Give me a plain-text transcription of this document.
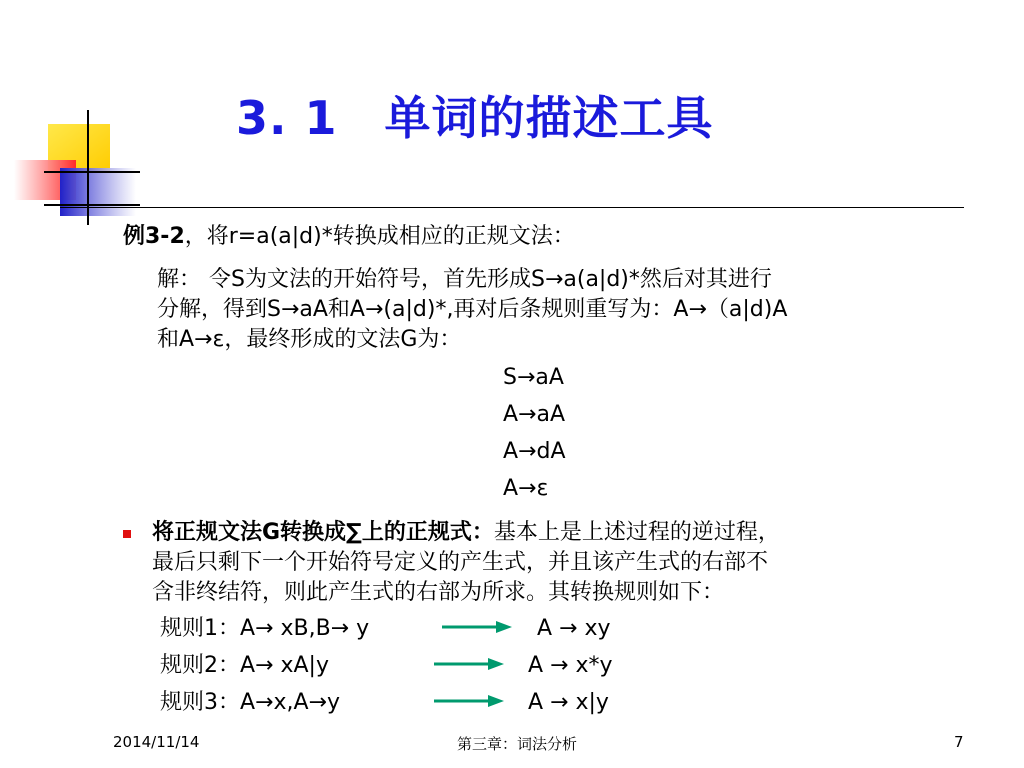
3. 1　单词的描述工具
例3-2，将r=a(a|d)*转换成相应的正规文法：
解： 令S为文法的开始符号，首先形成S→a(a|d)*然后对其进行
分解，得到S→aA和A→(a|d)*,再对后条规则重写为：A→（a|d)A
和A→ε，最终形成的文法G为：
S→aA
A→aA
A→dA
A→ε
将正规文法G转换成∑上的正规式：基本上是上述过程的逆过程，
最后只剩下一个开始符号定义的产生式，并且该产生式的右部不
含非终结符，则此产生式的右部为所求。其转换规则如下：
规则1：A→ xB,B→ y	A → xy
规则2：A→ xA|y	A → x*y
规则3：A→x,A→y	A → x|y
2014/11/14	第三章：词法分析	7
